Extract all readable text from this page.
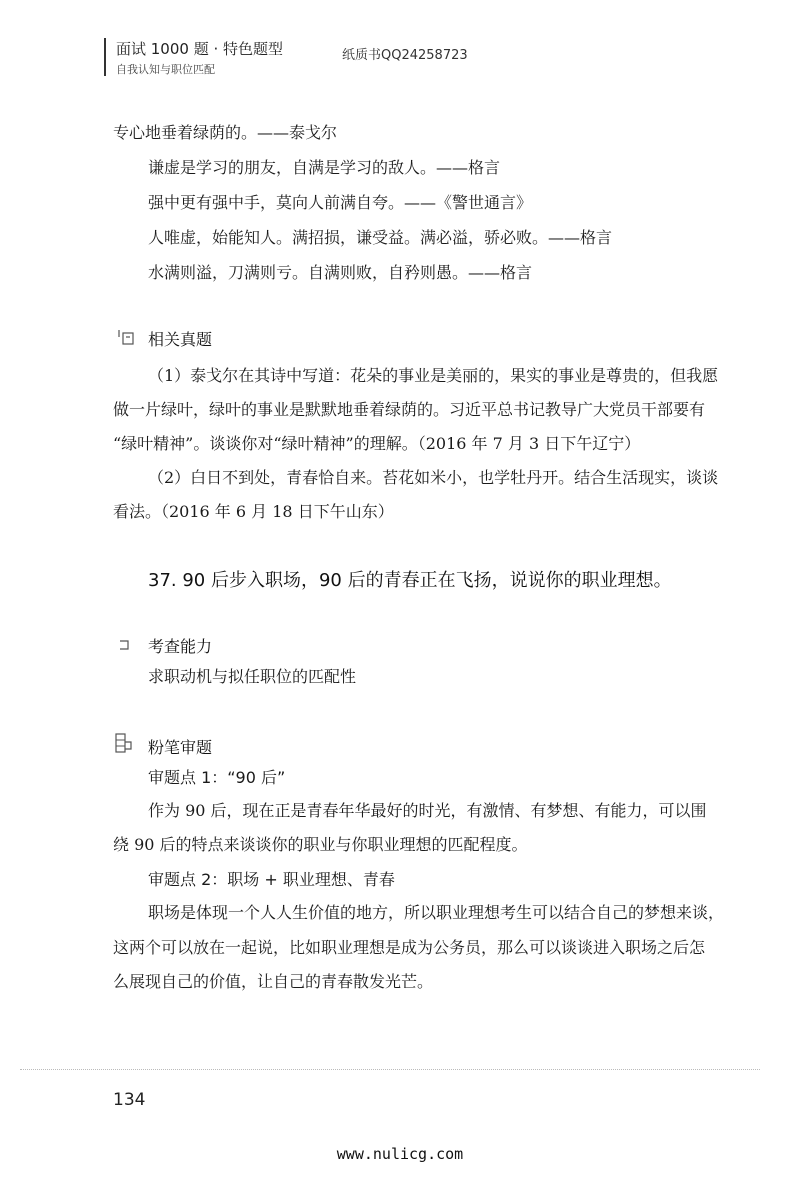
面试 1000 题 · 特色题型
自我认知与职位匹配
纸质书QQ24258723
专心地垂着绿荫的。——泰戈尔
谦虚是学习的朋友，自满是学习的敌人。——格言
强中更有强中手，莫向人前满自夸。——《警世通言》
人唯虚，始能知人。满招损，谦受益。满必溢，骄必败。——格言
水满则溢，刀满则亏。自满则败，自矜则愚。——格言
相关真题
（1）泰戈尔在其诗中写道：花朵的事业是美丽的，果实的事业是尊贵的，但我愿
做一片绿叶，绿叶的事业是默默地垂着绿荫的。习近平总书记教导广大党员干部要有
“绿叶精神”。谈谈你对“绿叶精神”的理解。（2016 年 7 月 3 日下午辽宁）
（2）白日不到处，青春恰自来。苔花如米小，也学牡丹开。结合生活现实，谈谈
看法。（2016 年 6 月 18 日下午山东）
37. 90 后步入职场，90 后的青春正在飞扬，说说你的职业理想。
考查能力
求职动机与拟任职位的匹配性
粉笔审题
审题点 1：“90 后”
作为 90 后，现在正是青春年华最好的时光，有激情、有梦想、有能力，可以围
绕 90 后的特点来谈谈你的职业与你职业理想的匹配程度。
审题点 2：职场 + 职业理想、青春
职场是体现一个人人生价值的地方，所以职业理想考生可以结合自己的梦想来谈，
这两个可以放在一起说，比如职业理想是成为公务员，那么可以谈谈进入职场之后怎
么展现自己的价值，让自己的青春散发光芒。
134
www.nulicg.com
